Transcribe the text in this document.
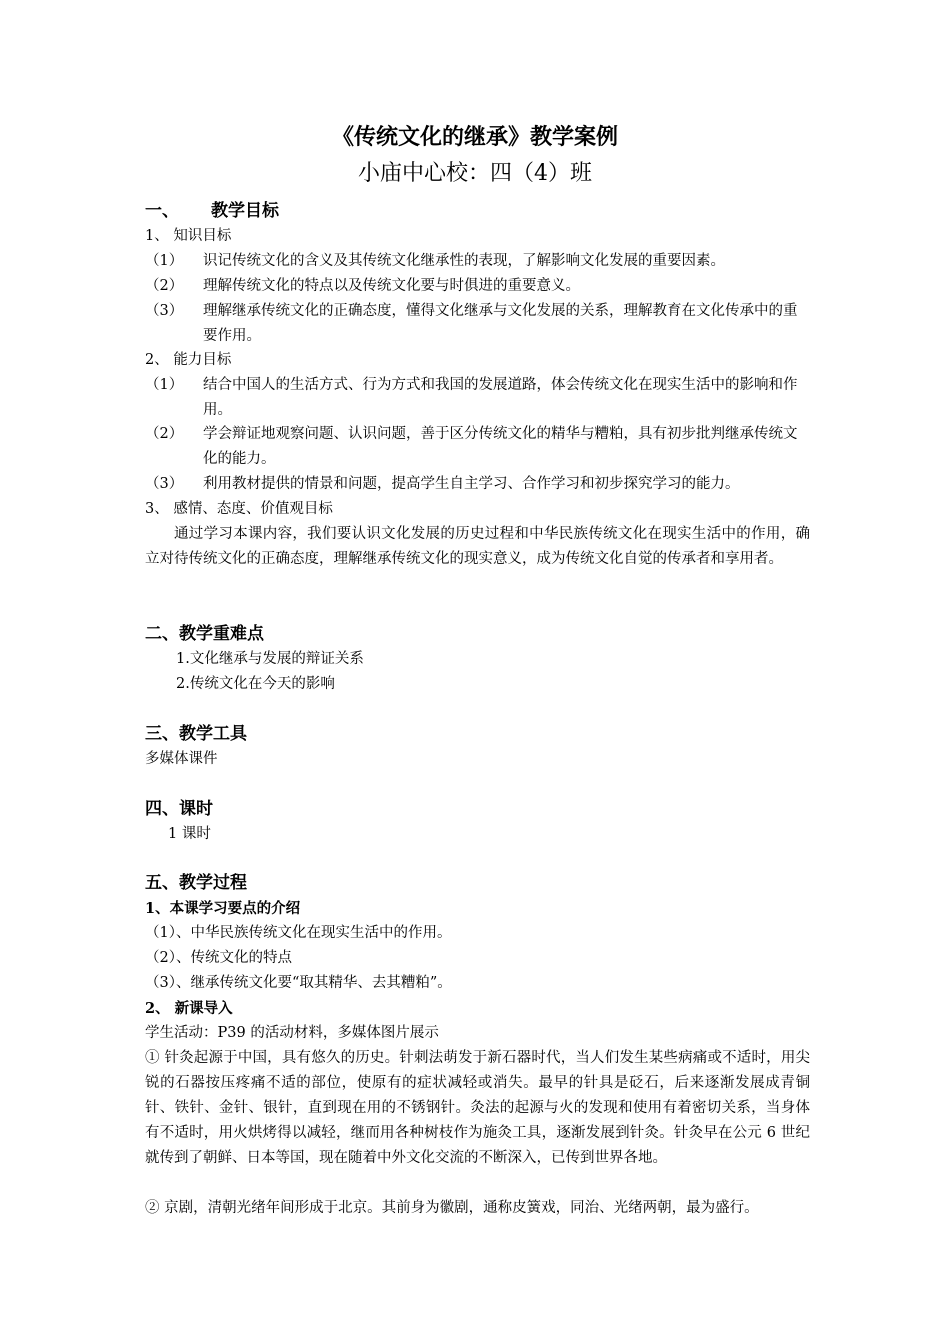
《传统文化的继承》教学案例
小庙中心校：四（4）班
一、 教学目标
1、 知识目标
（1）	识记传统文化的含义及其传统文化继承性的表现，了解影响文化发展的重要因素。
（2）	理解传统文化的特点以及传统文化要与时俱进的重要意义。
（3）	理解继承传统文化的正确态度，懂得文化继承与文化发展的关系，理解教育在文化传承中的重要作用。
2、 能力目标
（1）	结合中国人的生活方式、行为方式和我国的发展道路，体会传统文化在现实生活中的影响和作用。
（2）	学会辩证地观察问题、认识问题，善于区分传统文化的精华与糟粕，具有初步批判继承传统文化的能力。
（3）	利用教材提供的情景和问题，提高学生自主学习、合作学习和初步探究学习的能力。
3、 感情、态度、价值观目标
通过学习本课内容，我们要认识文化发展的历史过程和中华民族传统文化在现实生活中的作用，确立对待传统文化的正确态度，理解继承传统文化的现实意义，成为传统文化自觉的传承者和享用者。
二、教学重难点
1.文化继承与发展的辩证关系
2.传统文化在今天的影响
三、教学工具
多媒体课件
四、课时
1 课时
五、教学过程
1、本课学习要点的介绍
（1）、中华民族传统文化在现实生活中的作用。
（2）、传统文化的特点
（3）、继承传统文化要“取其精华、去其糟粕”。
2、 新课导入
学生活动：P39 的活动材料，多媒体图片展示
① 针灸起源于中国，具有悠久的历史。针刺法萌发于新石器时代，当人们发生某些病痛或不适时，用尖锐的石器按压疼痛不适的部位，使原有的症状减轻或消失。最早的针具是砭石，后来逐渐发展成青铜针、铁针、金针、银针，直到现在用的不锈钢针。灸法的起源与火的发现和使用有着密切关系，当身体有不适时，用火烘烤得以减轻，继而用各种树枝作为施灸工具，逐渐发展到针灸。针灸早在公元 6 世纪就传到了朝鲜、日本等国，现在随着中外文化交流的不断深入，已传到世界各地。
② 京剧，清朝光绪年间形成于北京。其前身为徽剧，通称皮簧戏，同治、光绪两朝，最为盛行。
